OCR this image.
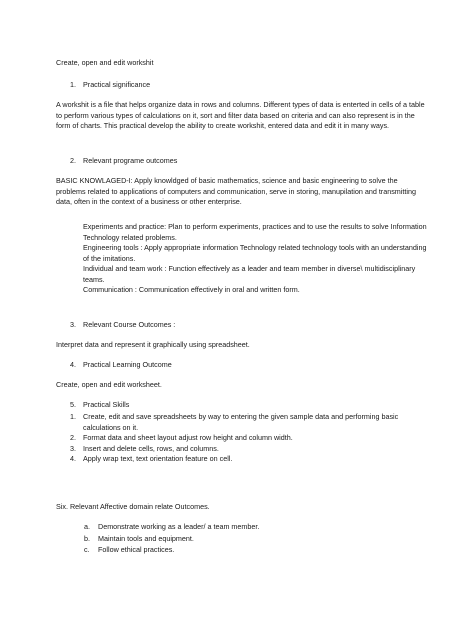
Create, open and edit workshit

1. Practical significance

A workshit is a file that helps organize data in rows and columns. Different types of data is enterted in cells of a table to perform various types of calculations on it, sort and filter data based on criteria and can also represent is in the form of charts. This practical develop the ability to create workshit, entered data and edit it in many ways.

2. Relevant programe outcomes

BASIC KNOWLAGED-I: Apply knowldged of basic mathematics, science and basic engineering to solve the problems related to applications of computers and communication, serve in storing, manupilation and transmitting data, often in the context of a business or other enterprise.

Experiments and practice: Plan to perform experiments, practices and to use the results to solve Information Technology related problems.

Engineering tools : Apply appropriate information Technology related technology tools with an understanding of the imitations.

Individual and team work : Function effectively as a leader and team member in diverse\ multidisciplinary teams.

Communication : Communication effectively in oral and written form.

3. Relevant Course Outcomes :

Interpret data and represent it graphically using spreadsheet.

4. Practical Learning Outcome

Create, open and edit worksheet.

5. Practical Skills

1. Create, edit and save spreadsheets by way to entering the given sample data and performing basic calculations on it.
2. Format data and sheet layout adjust row height and column width.
3. Insert and delete cells, rows, and columns.
4. Apply wrap text, text orientation feature on cell.

Six. Relevant Affective domain relate Outcomes.

a. Demonstrate working as a leader/ a team member.
b. Maintain tools and equipment.
c. Follow ethical practices.
